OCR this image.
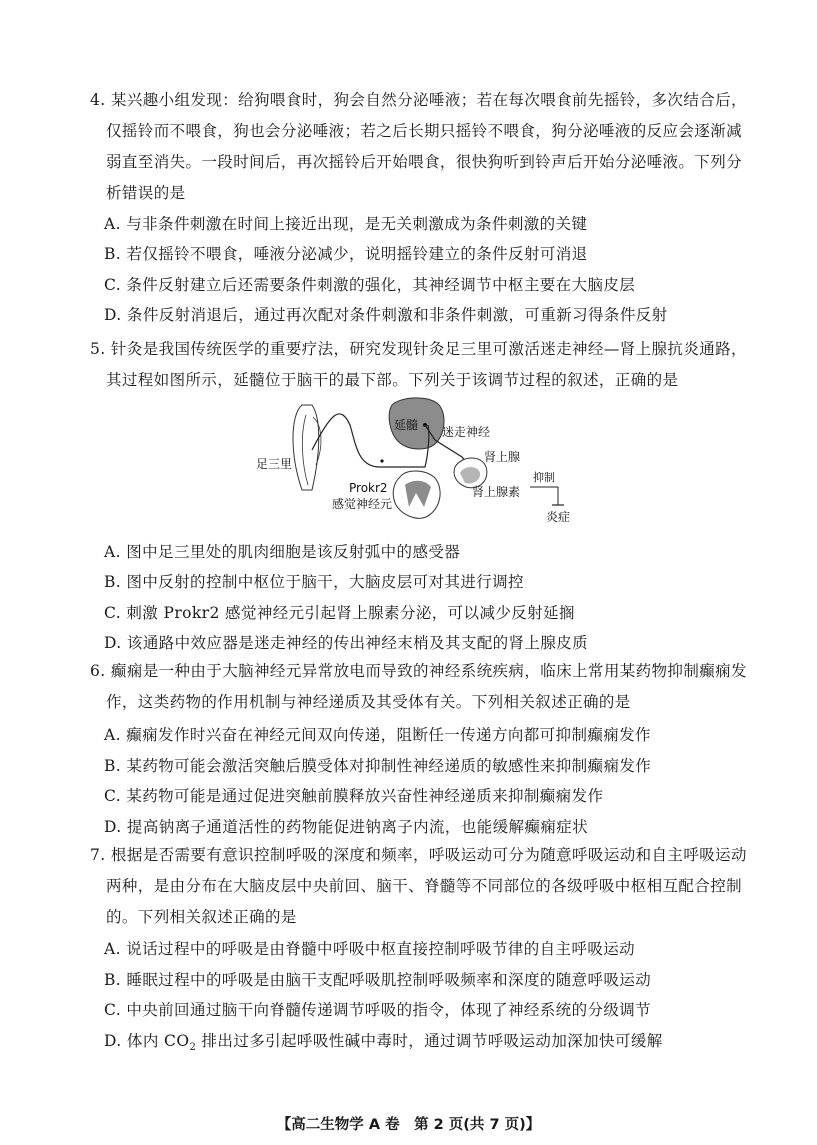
4. 某兴趣小组发现：给狗喂食时，狗会自然分泌唾液；若在每次喂食前先摇铃，多次结合后，仅摇铃而不喂食，狗也会分泌唾液；若之后长期只摇铃不喂食，狗分泌唾液的反应会逐渐减弱直至消失。一段时间后，再次摇铃后开始喂食，很快狗听到铃声后开始分泌唾液。下列分析错误的是

A. 与非条件刺激在时间上接近出现，是无关刺激成为条件刺激的关键
B. 若仅摇铃不喂食，唾液分泌减少，说明摇铃建立的条件反射可消退
C. 条件反射建立后还需要条件刺激的强化，其神经调节中枢主要在大脑皮层
D. 条件反射消退后，通过再次配对条件刺激和非条件刺激，可重新习得条件反射

5. 针灸是我国传统医学的重要疗法，研究发现针灸足三里可激活迷走神经—肾上腺抗炎通路，其过程如图所示，延髓位于脑干的最下部。下列关于该调节过程的叙述，正确的是

延髓 迷走神经
肾上腺
肾上腺素
抑制
炎症
足三里
Prokr2
感觉神经元
A. 图中足三里处的肌肉细胞是该反射弧中的感受器
B. 图中反射的控制中枢位于脑干，大脑皮层可对其进行调控
C. 刺激 Prokr2 感觉神经元引起肾上腺素分泌，可以减少反射延搁
D. 该通路中效应器是迷走神经的传出神经末梢及其支配的肾上腺皮质

6. 癫痫是一种由于大脑神经元异常放电而导致的神经系统疾病，临床上常用某药物抑制癫痫发作，这类药物的作用机制与神经递质及其受体有关。下列相关叙述正确的是

A. 癫痫发作时兴奋在神经元间双向传递，阻断任一传递方向都可抑制癫痫发作
B. 某药物可能会激活突触后膜受体对抑制性神经递质的敏感性来抑制癫痫发作
C. 某药物可能是通过促进突触前膜释放兴奋性神经递质来抑制癫痫发作
D. 提高钠离子通道活性的药物能促进钠离子内流，也能缓解癫痫症状

7. 根据是否需要有意识控制呼吸的深度和频率，呼吸运动可分为随意呼吸运动和自主呼吸运动两种，是由分布在大脑皮层中央前回、脑干、脊髓等不同部位的各级呼吸中枢相互配合控制的。下列相关叙述正确的是

A. 说话过程中的呼吸是由脊髓中呼吸中枢直接控制呼吸节律的自主呼吸运动
B. 睡眠过程中的呼吸是由脑干支配呼吸肌控制呼吸频率和深度的随意呼吸运动
C. 中央前回通过脑干向脊髓传递调节呼吸的指令，体现了神经系统的分级调节
D. 体内 $CO_2$ 排出过多引起呼吸性碱中毒时，通过调节呼吸运动加深加快可缓解
【高二生物学 A 卷　第 2 页(共 7 页)】
